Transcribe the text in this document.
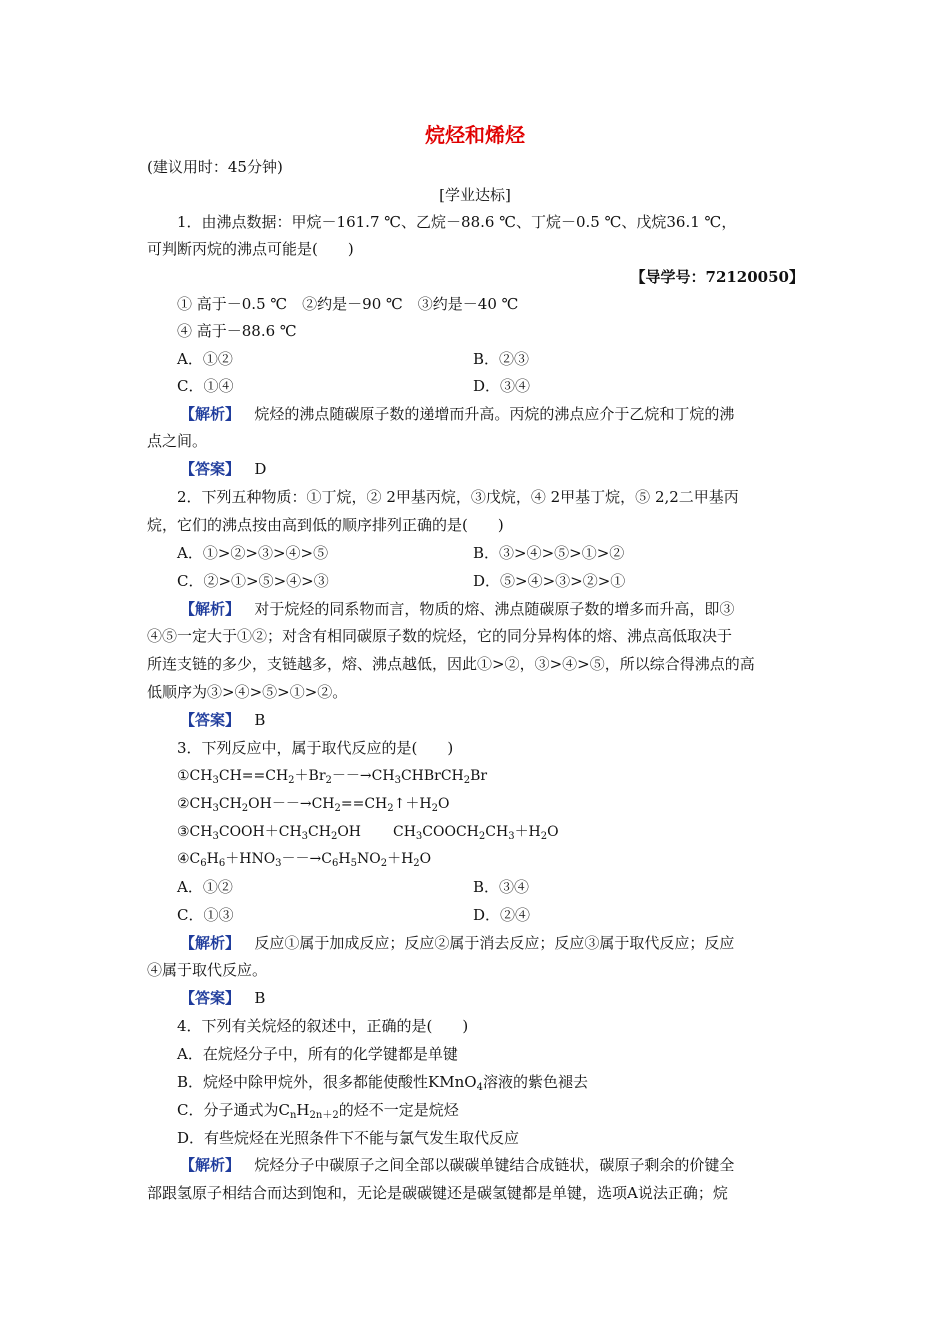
烷烃和烯烃
(建议用时：45分钟)
[学业达标]
1．由沸点数据：甲烷－161.7 ℃、乙烷－88.6 ℃、丁烷－0.5 ℃、戊烷36.1 ℃，
可判断丙烷的沸点可能是(　　)
【导学号：72120050】
① 高于－0.5 ℃　②约是－90 ℃　③约是－40 ℃
④ 高于－88.6 ℃
A．①②	B．②③
C．①④	D．③④
【解析】 烷烃的沸点随碳原子数的递增而升高。丙烷的沸点应介于乙烷和丁烷的沸
点之间。
【答案】 D
2．下列五种物质：①丁烷，② 2甲基丙烷，③戊烷，④ 2甲基丁烷，⑤ 2,2二甲基丙
烷，它们的沸点按由高到低的顺序排列正确的是(　　)
A．①>②>③>④>⑤	B．③>④>⑤>①>②
C．②>①>⑤>④>③	D．⑤>④>③>②>①
【解析】 对于烷烃的同系物而言，物质的熔、沸点随碳原子数的增多而升高，即③
④⑤一定大于①②；对含有相同碳原子数的烷烃，它的同分异构体的熔、沸点高低取决于
所连支链的多少，支链越多，熔、沸点越低，因此①>②，③>④>⑤，所以综合得沸点的高
低顺序为③>④>⑤>①>②。
【答案】 B
3．下列反应中，属于取代反应的是(　　)
$①CH_3CH==CH_2+Br_2--\to CH_3CHBrCH_2Br$
$②CH_3CH_2OH--\to CH_2==CH_2↑+H_2O$
$③CH_3COOH+CH_3CH_2OH$ $CH_3COOCH_2CH_3+H_2O$
$④C_6H_6+HNO_3--\to C_6H_5NO_2+H_2O$
A．①②	B．③④
C．①③	D．②④
【解析】 反应①属于加成反应；反应②属于消去反应；反应③属于取代反应；反应
④属于取代反应。
【答案】 B
4．下列有关烷烃的叙述中，正确的是(　　)
A．在烷烃分子中，所有的化学键都是单键
B．烷烃中除甲烷外，很多都能使酸性KMnO$_4$溶液的紫色褪去
C．分子通式为$C_nH_{2n+2}$的烃不一定是烷烃
D．有些烷烃在光照条件下不能与氯气发生取代反应
【解析】 烷烃分子中碳原子之间全部以碳碳单键结合成链状，碳原子剩余的价键全
部跟氢原子相结合而达到饱和，无论是碳碳键还是碳氢键都是单键，选项A说法正确；烷
